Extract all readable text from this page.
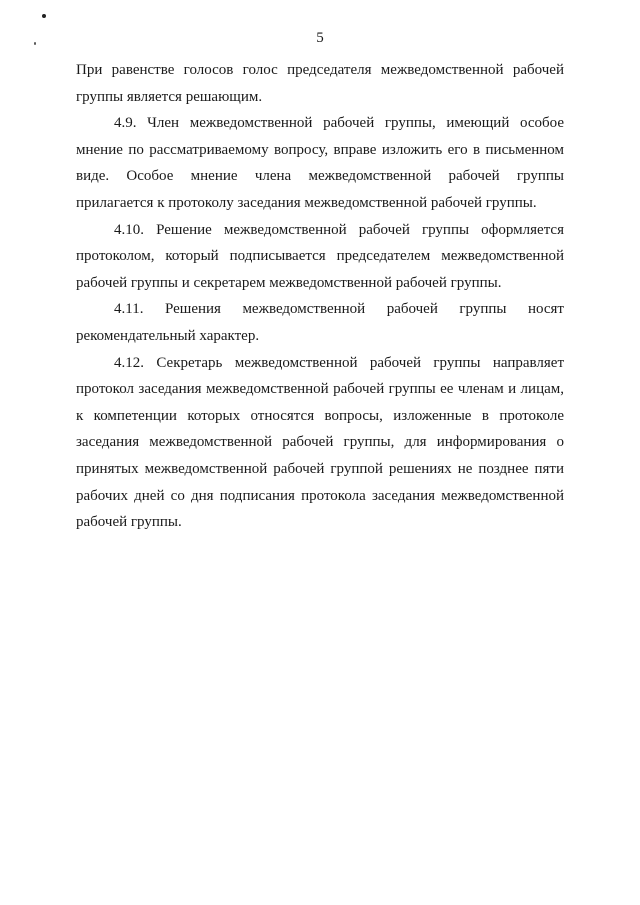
5

При равенстве голосов голос председателя межведомственной рабочей группы является решающим.

4.9. Член межведомственной рабочей группы, имеющий особое мнение по рассматриваемому вопросу, вправе изложить его в письменном виде. Особое мнение члена межведомственной рабочей группы прилагается к протоколу заседания межведомственной рабочей группы.

4.10. Решение межведомственной рабочей группы оформляется протоколом, который подписывается председателем межведомственной рабочей группы и секретарем межведомственной рабочей группы.

4.11. Решения межведомственной рабочей группы носят рекомендательный характер.

4.12. Секретарь межведомственной рабочей группы направляет протокол заседания межведомственной рабочей группы ее членам и лицам, к компетенции которых относятся вопросы, изложенные в протоколе заседания межведомственной рабочей группы, для информирования о принятых межведомственной рабочей группой решениях не позднее пяти рабочих дней со дня подписания протокола заседания межведомственной рабочей группы.
